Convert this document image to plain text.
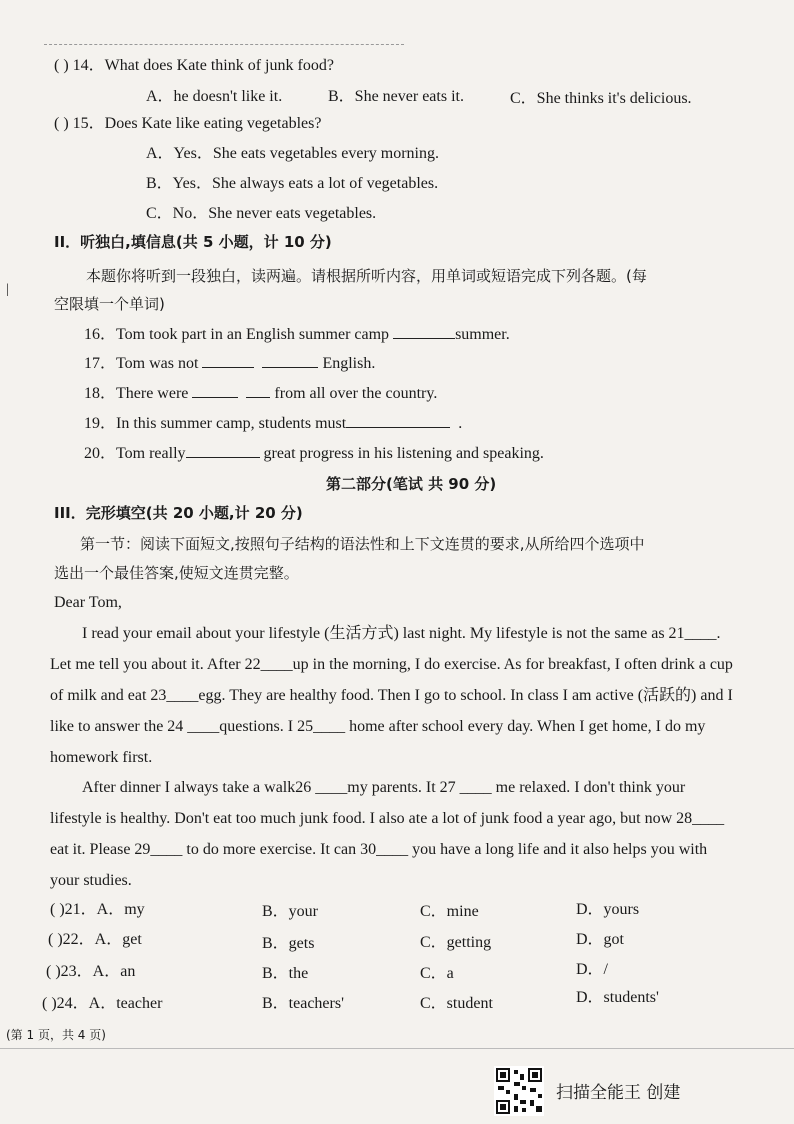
|
( ) 14．What does Kate think of junk food?
A．he doesn't like it.	B．She never eats it.	C．She thinks it's delicious.
( ) 15．Does Kate like eating vegetables?
A．Yes．She eats vegetables every morning.
B．Yes．She always eats a lot of vegetables.
C．No．She never eats vegetables.
II．听独白,填信息(共 5 小题，计 10 分)
本题你将听到一段独白，读两遍。请根据所听内容，用单词或短语完成下列各题。(每
空限填一个单词)
16．Tom took part in an English summer camp	summer.
17．Tom was not	English.
18．There were	from all over the country.
19．In this summer camp, students must	.
20．Tom really	great progress in his listening and speaking.
第二部分(笔试 共 90 分)
III．完形填空(共 20 小题,计 20 分)
第一节：阅读下面短文,按照句子结构的语法性和上下文连贯的要求,从所给四个选项中
选出一个最佳答案,使短文连贯完整。
Dear Tom,
I read your email about your lifestyle (生活方式) last night. My lifestyle is not the same as 21____. Let me tell you about it. After 22____up in the morning, I do exercise. As for breakfast, I often drink a cup of milk and eat 23____egg. They are healthy food. Then I go to school. In class I am active (活跃的) and I like to answer the 24 ____questions. I 25____ home after school every day. When I get home, I do my homework first.
After dinner I always take a walk26 ____my parents. It 27 ____ me relaxed. I don't think your lifestyle is healthy. Don't eat too much junk food. I also ate a lot of junk food a year ago, but now 28____ eat it. Please 29____ to do more exercise. It can 30____ you have a long life and it also helps you with your studies.
( )21．A．my	B．your	C．mine	D．yours
( )22．A．get	B．gets	C．getting	D．got
( )23．A．an	B．the	C．a	D．/
( )24．A．teacher	B．teachers'	C．student	D．students'
(第 1 页，共 4 页)
扫描全能王 创建
